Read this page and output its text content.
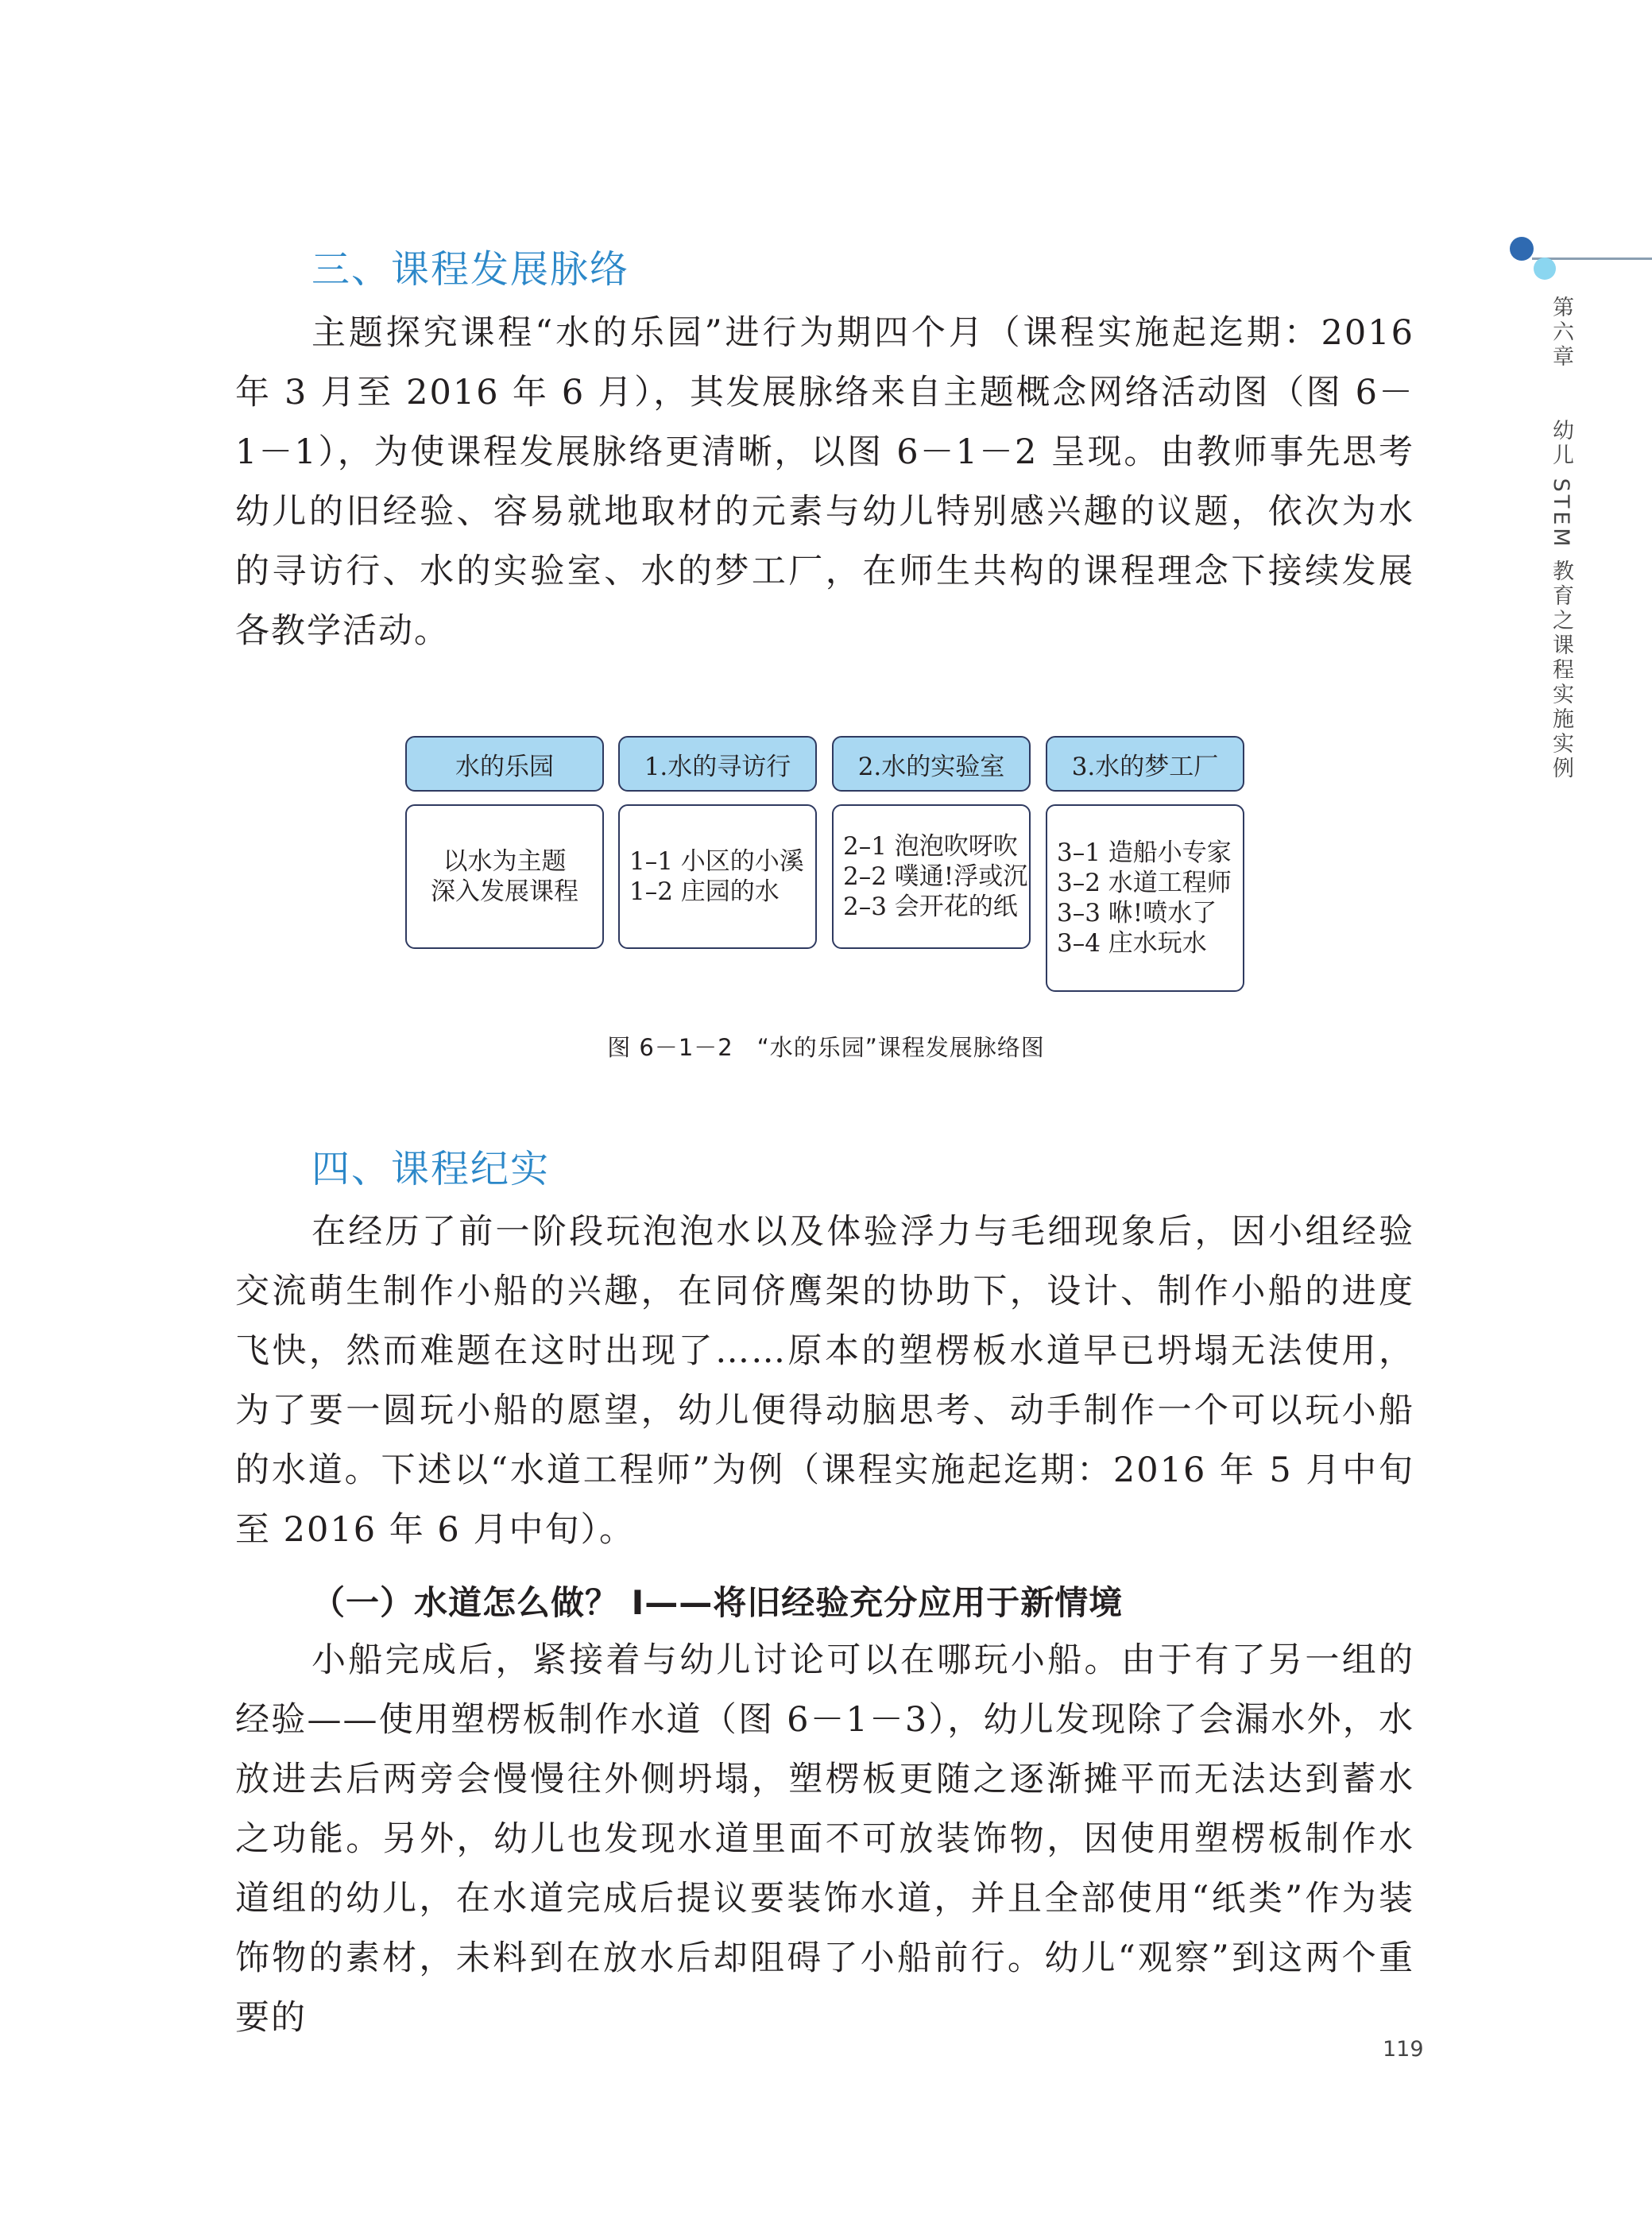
第六章　　幼儿 STEM 教育之课程实施实例
三、课程发展脉络
主题探究课程“水的乐园”进行为期四个月（课程实施起迄期：2016 年 3 月至 2016 年 6 月），其发展脉络来自主题概念网络活动图（图 6－1－1），为使课程发展脉络更清晰，以图 6－1－2 呈现。由教师事先思考幼儿的旧经验、容易就地取材的元素与幼儿特别感兴趣的议题，依次为水的寻访行、水的实验室、水的梦工厂，在师生共构的课程理念下接续发展各教学活动。
水的乐园	1.水的寻访行	2.水的实验室	3.水的梦工厂
以水为主题
深入发展课程
1–1 小区的小溪
1–2 庄园的水
2–1 泡泡吹呀吹
2–2 噗通!浮或沉
2–3 会开花的纸
3–1 造船小专家
3–2 水道工程师
3–3 咻!喷水了
3–4 庄水玩水
图 6－1－2　“水的乐园”课程发展脉络图
四、课程纪实
在经历了前一阶段玩泡泡水以及体验浮力与毛细现象后，因小组经验交流萌生制作小船的兴趣，在同侪鹰架的协助下，设计、制作小船的进度飞快，然而难题在这时出现了……原本的塑楞板水道早已坍塌无法使用，为了要一圆玩小船的愿望，幼儿便得动脑思考、动手制作一个可以玩小船的水道。下述以“水道工程师”为例（课程实施起迄期：2016 年 5 月中旬至 2016 年 6 月中旬）。
（一）水道怎么做？ Ⅰ——将旧经验充分应用于新情境
小船完成后，紧接着与幼儿讨论可以在哪玩小船。由于有了另一组的经验——使用塑楞板制作水道（图 6－1－3），幼儿发现除了会漏水外，水放进去后两旁会慢慢往外侧坍塌，塑楞板更随之逐渐摊平而无法达到蓄水之功能。另外，幼儿也发现水道里面不可放装饰物，因使用塑楞板制作水道组的幼儿，在水道完成后提议要装饰水道，并且全部使用“纸类”作为装饰物的素材，未料到在放水后却阻碍了小船前行。幼儿“观察”到这两个重要的
119
